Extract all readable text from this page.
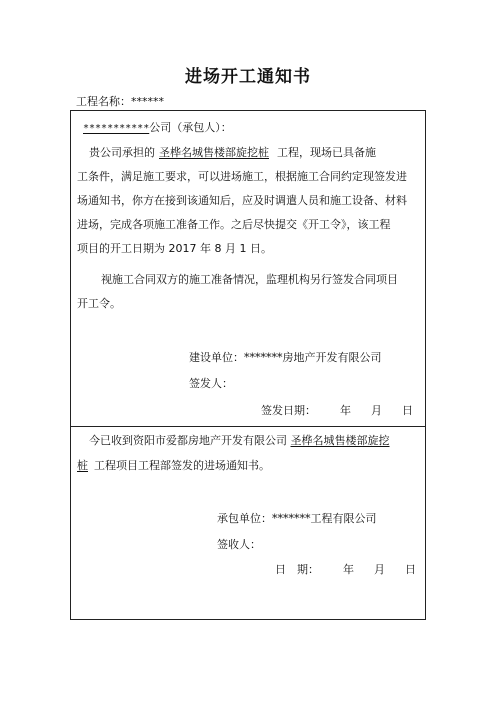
进场开工通知书
工程名称：******
***********公司（承包人）：
贵公司承担的 圣桦名城售楼部旋挖桩 工程，现场已具备施
工条件，满足施工要求，可以进场施工，根据施工合同约定现签发进
场通知书，你方在接到该通知后，应及时调遣人员和施工设备、材料
进场，完成各项施工准备工作。之后尽快提交《开工令》，该工程
项目的开工日期为 2017 年 8 月 1 日。
视施工合同双方的施工准备情况，监理机构另行签发合同项目
开工令。
建设单位：*******房地产开发有限公司
签发人：
签发日期： 年 月 日
今已收到资阳市爱都房地产开发有限公司 圣桦名城售楼部旋挖
桩 工程项目工程部签发的进场通知书。
承包单位：*******工程有限公司
签收人：
日　期： 年 月 日
